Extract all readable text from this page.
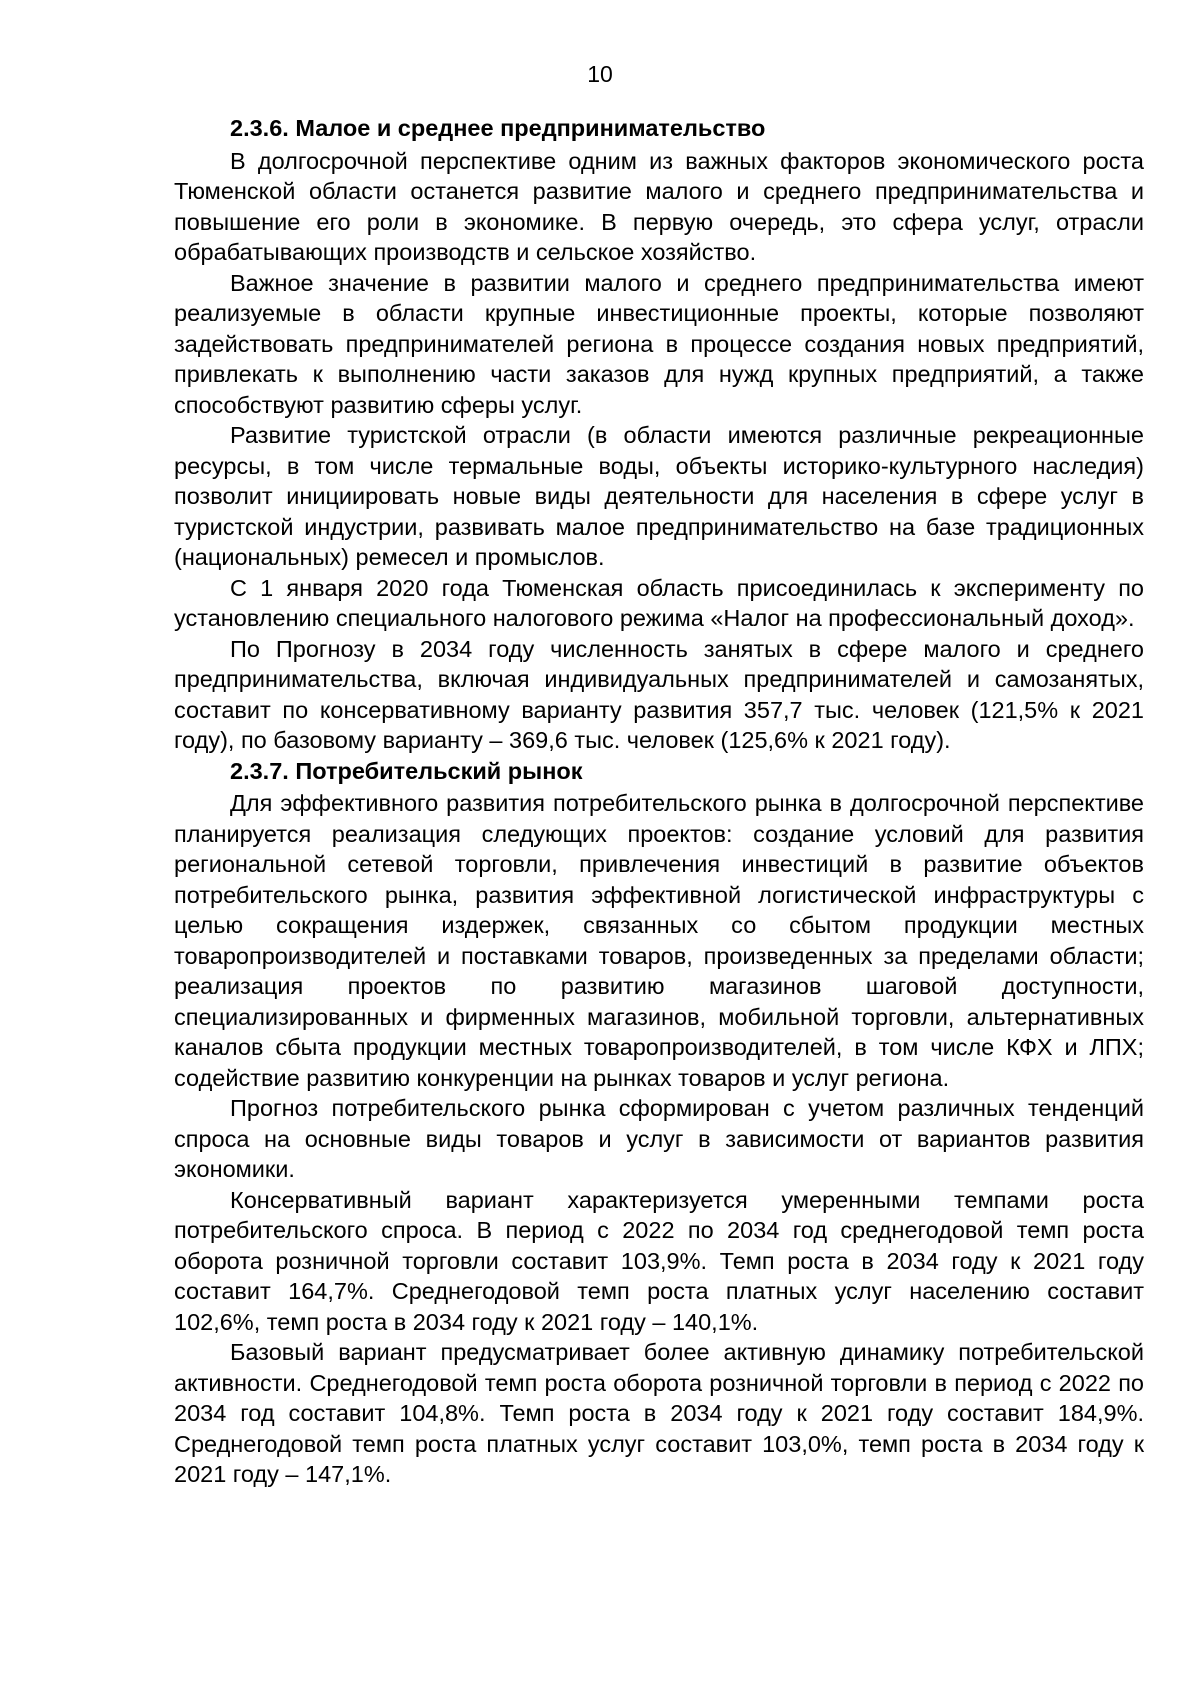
10

2.3.6. Малое и среднее предпринимательство

В долгосрочной перспективе одним из важных факторов экономического роста Тюменской области останется развитие малого и среднего предпринимательства и повышение его роли в экономике. В первую очередь, это сфера услуг, отрасли обрабатывающих производств и сельское хозяйство.

Важное значение в развитии малого и среднего предпринимательства имеют реализуемые в области крупные инвестиционные проекты, которые позволяют задействовать предпринимателей региона в процессе создания новых предприятий, привлекать к выполнению части заказов для нужд крупных предприятий, а также способствуют развитию сферы услуг.

Развитие туристской отрасли (в области имеются различные рекреационные ресурсы, в том числе термальные воды, объекты историко-культурного наследия) позволит инициировать новые виды деятельности для населения в сфере услуг в туристской индустрии, развивать малое предпринимательство на базе традиционных (национальных) ремесел и промыслов.

С 1 января 2020 года Тюменская область присоединилась к эксперименту по установлению специального налогового режима «Налог на профессиональный доход».

По Прогнозу в 2034 году численность занятых в сфере малого и среднего предпринимательства, включая индивидуальных предпринимателей и самозанятых, составит по консервативному варианту развития 357,7 тыс. человек (121,5% к 2021 году), по базовому варианту – 369,6 тыс. человек (125,6% к 2021 году).

2.3.7. Потребительский рынок

Для эффективного развития потребительского рынка в долгосрочной перспективе планируется реализация следующих проектов: создание условий для развития региональной сетевой торговли, привлечения инвестиций в развитие объектов потребительского рынка, развития эффективной логистической инфраструктуры с целью сокращения издержек, связанных со сбытом продукции местных товаропроизводителей и поставками товаров, произведенных за пределами области; реализация проектов по развитию магазинов шаговой доступности, специализированных и фирменных магазинов, мобильной торговли, альтернативных каналов сбыта продукции местных товаропроизводителей, в том числе КФХ и ЛПХ; содействие развитию конкуренции на рынках товаров и услуг региона.

Прогноз потребительского рынка сформирован с учетом различных тенденций спроса на основные виды товаров и услуг в зависимости от вариантов развития экономики.

Консервативный вариант характеризуется умеренными темпами роста потребительского спроса. В период с 2022 по 2034 год среднегодовой темп роста оборота розничной торговли составит 103,9%. Темп роста в 2034 году к 2021 году составит 164,7%. Среднегодовой темп роста платных услуг населению составит 102,6%, темп роста в 2034 году к 2021 году – 140,1%.

Базовый вариант предусматривает более активную динамику потребительской активности. Среднегодовой темп роста оборота розничной торговли в период с 2022 по 2034 год составит 104,8%. Темп роста в 2034 году к 2021 году составит 184,9%. Среднегодовой темп роста платных услуг составит 103,0%, темп роста в 2034 году к 2021 году – 147,1%.
